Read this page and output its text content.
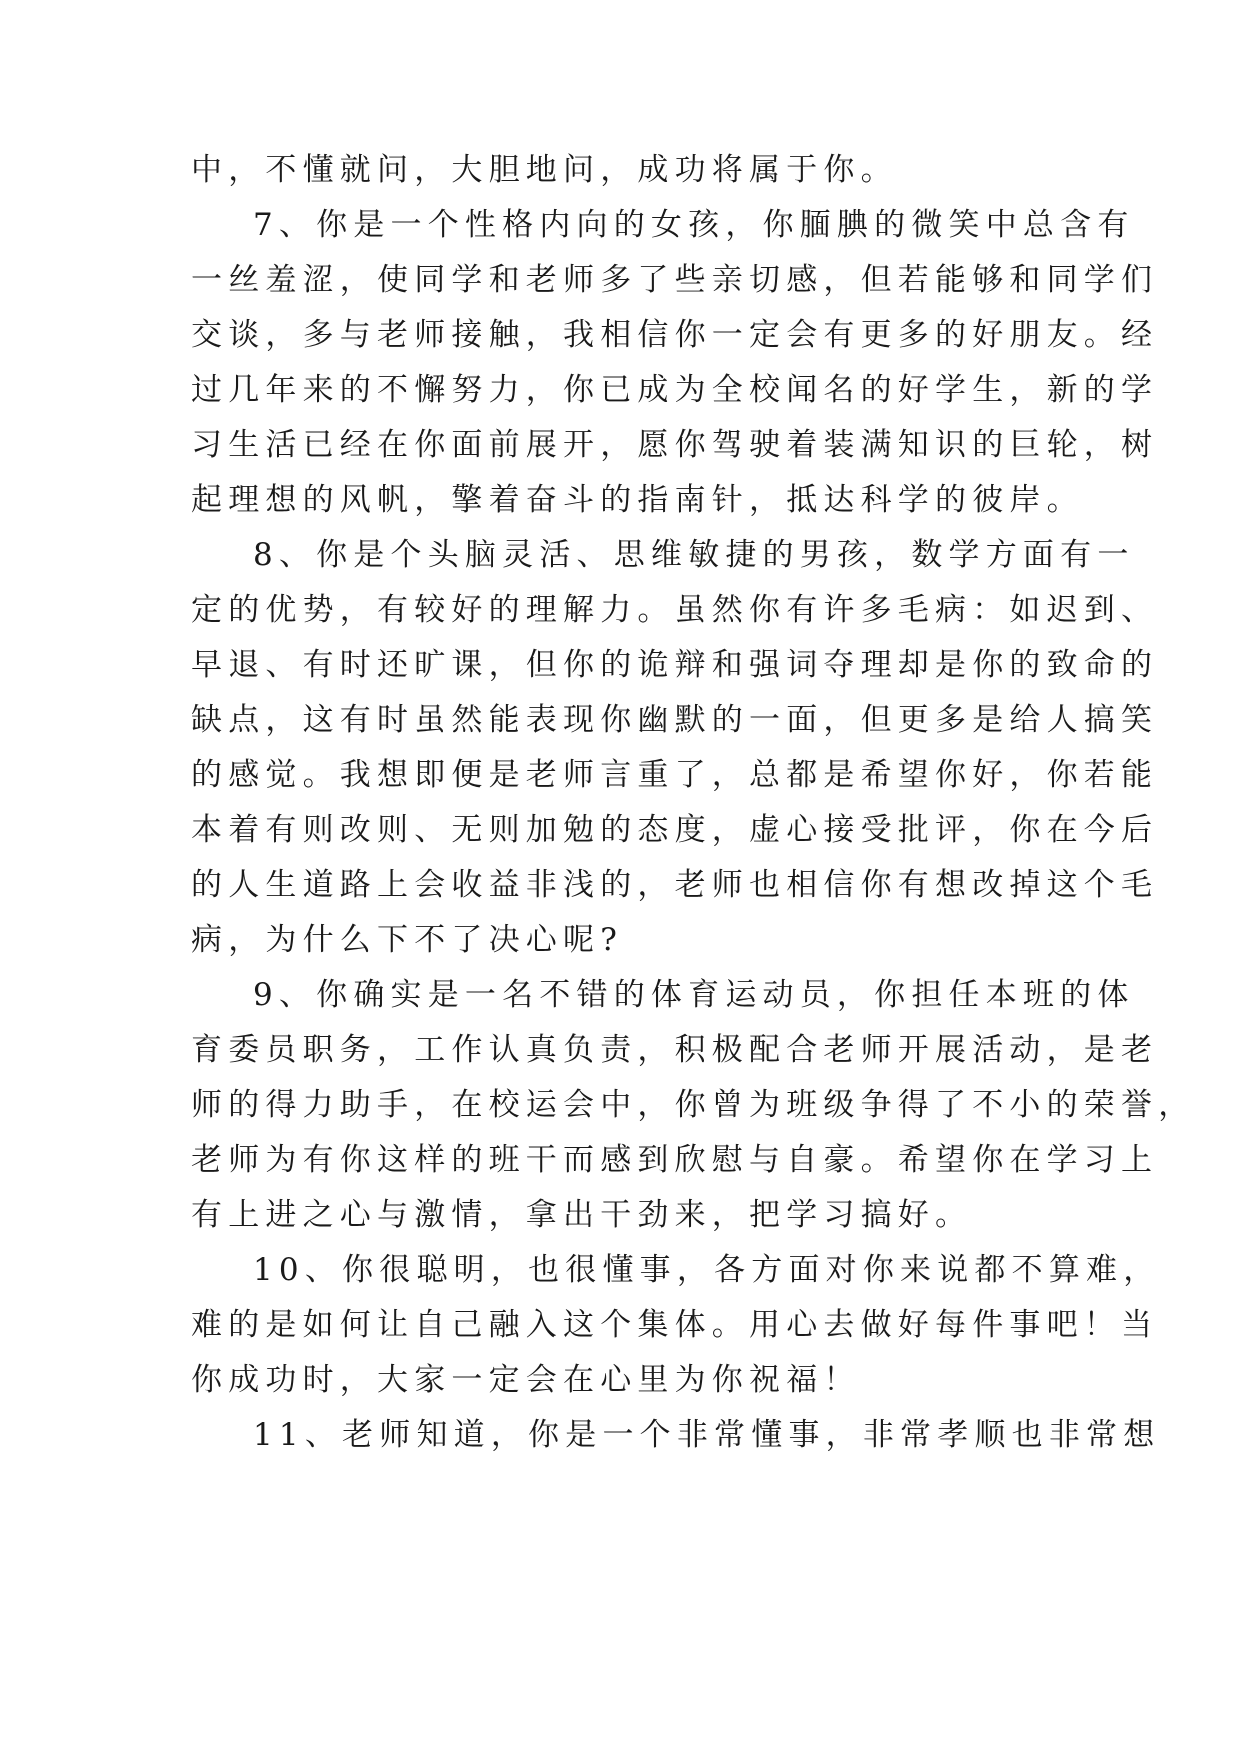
中，不懂就问，大胆地问，成功将属于你。
7、你是一个性格内向的女孩，你腼腆的微笑中总含有
一丝羞涩，使同学和老师多了些亲切感，但若能够和同学们
交谈，多与老师接触，我相信你一定会有更多的好朋友。经
过几年来的不懈努力，你已成为全校闻名的好学生，新的学
习生活已经在你面前展开，愿你驾驶着装满知识的巨轮，树
起理想的风帆，擎着奋斗的指南针，抵达科学的彼岸。
8、你是个头脑灵活、思维敏捷的男孩，数学方面有一
定的优势，有较好的理解力。虽然你有许多毛病：如迟到、
早退、有时还旷课，但你的诡辩和强词夺理却是你的致命的
缺点，这有时虽然能表现你幽默的一面，但更多是给人搞笑
的感觉。我想即便是老师言重了，总都是希望你好，你若能
本着有则改则、无则加勉的态度，虚心接受批评，你在今后
的人生道路上会收益非浅的，老师也相信你有想改掉这个毛
病，为什么下不了决心呢?
9、你确实是一名不错的体育运动员，你担任本班的体
育委员职务，工作认真负责，积极配合老师开展活动，是老
师的得力助手，在校运会中，你曾为班级争得了不小的荣誉，
老师为有你这样的班干而感到欣慰与自豪。希望你在学习上
有上进之心与激情，拿出干劲来，把学习搞好。
10、你很聪明，也很懂事，各方面对你来说都不算难，
难的是如何让自己融入这个集体。用心去做好每件事吧！当
你成功时，大家一定会在心里为你祝福！
11、老师知道，你是一个非常懂事，非常孝顺也非常想
